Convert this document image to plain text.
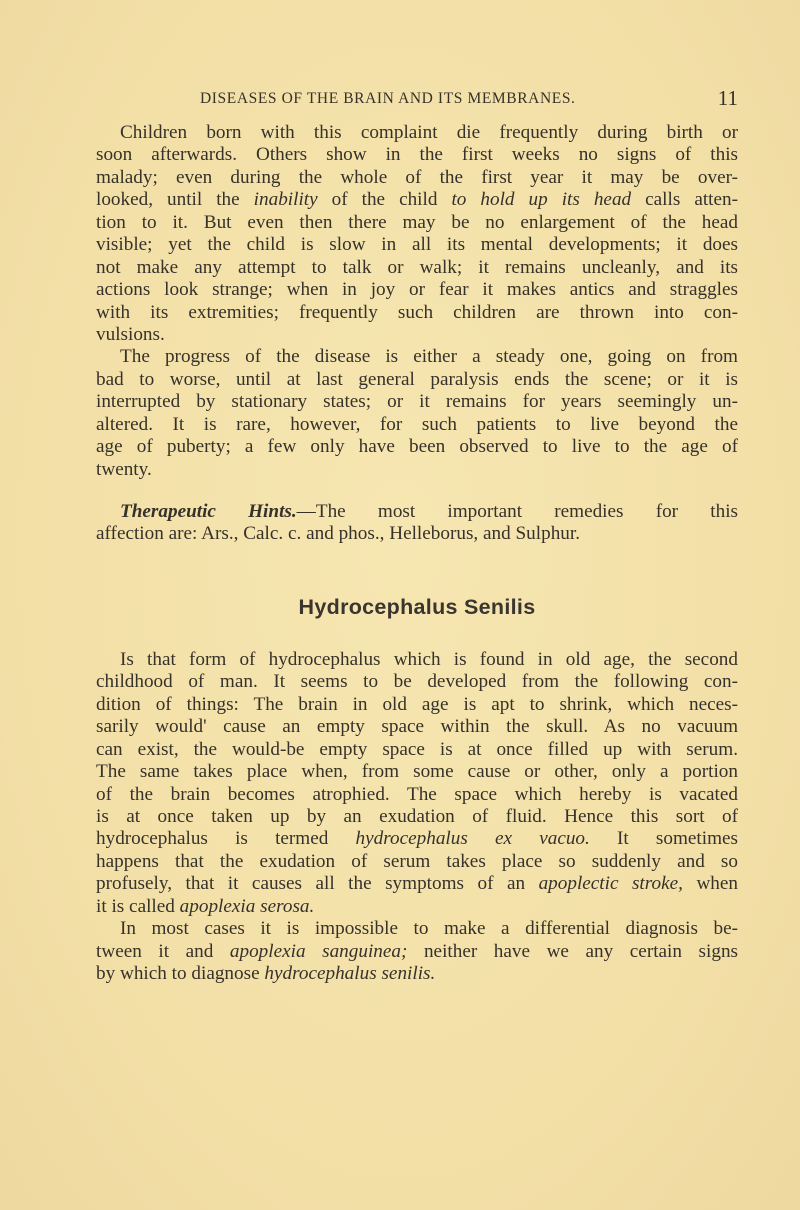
DISEASES OF THE BRAIN AND ITS MEMBRANES.	11
Children born with this complaint die frequently during birth or
soon afterwards. Others show in the first weeks no signs of this
malady; even during the whole of the first year it may be over-
looked, until the inability of the child to hold up its head calls atten-
tion to it. But even then there may be no enlargement of the head
visible; yet the child is slow in all its mental developments; it does
not make any attempt to talk or walk; it remains uncleanly, and its
actions look strange; when in joy or fear it makes antics and straggles
with its extremities; frequently such children are thrown into con-
vulsions.
The progress of the disease is either a steady one, going on from
bad to worse, until at last general paralysis ends the scene; or it is
interrupted by stationary states; or it remains for years seemingly un-
altered. It is rare, however, for such patients to live beyond the
age of puberty; a few only have been observed to live to the age of
twenty.
Therapeutic Hints.—The most important remedies for this
affection are: Ars., Calc. c. and phos., Helleborus, and Sulphur.
Hydrocephalus Senilis
Is that form of hydrocephalus which is found in old age, the second
childhood of man. It seems to be developed from the following con-
dition of things: The brain in old age is apt to shrink, which neces-
sarily would' cause an empty space within the skull. As no vacuum
can exist, the would-be empty space is at once filled up with serum.
The same takes place when, from some cause or other, only a portion
of the brain becomes atrophied. The space which hereby is vacated
is at once taken up by an exudation of fluid. Hence this sort of
hydrocephalus is termed hydrocephalus ex vacuo. It sometimes
happens that the exudation of serum takes place so suddenly and so
profusely, that it causes all the symptoms of an apoplectic stroke, when
it is called apoplexia serosa.
In most cases it is impossible to make a differential diagnosis be-
tween it and apoplexia sanguinea; neither have we any certain signs
by which to diagnose hydrocephalus senilis.
